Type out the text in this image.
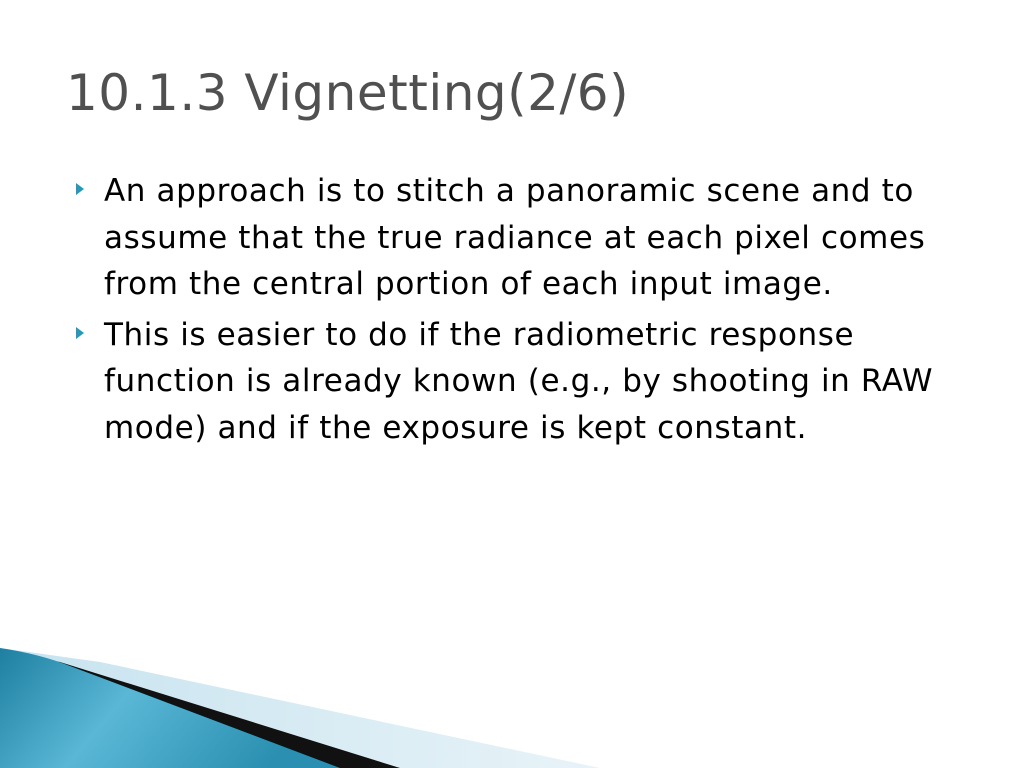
10.1.3 Vignetting(2/6)
An approach is to stitch a panoramic scene and to assume that the true radiance at each pixel comes from the central portion of each input image.
This is easier to do if the radiometric response function is already known (e.g., by shooting in RAW mode) and if the exposure is kept constant.
